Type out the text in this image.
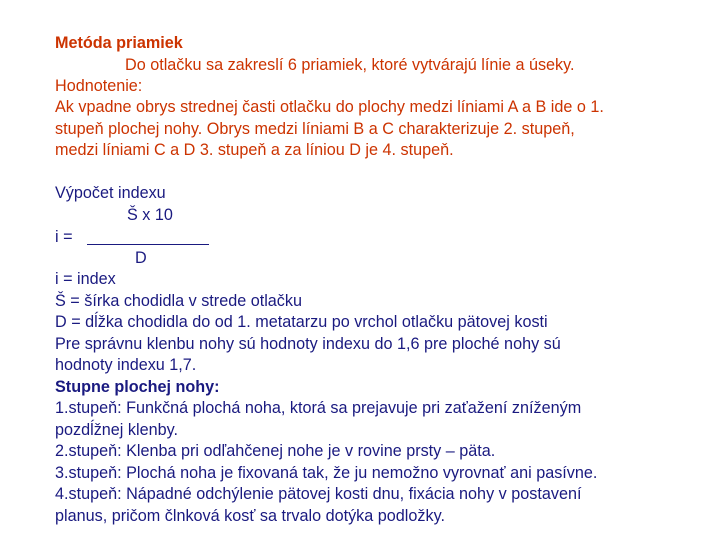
Metóda priamiek
Do otlačku sa zakreslí 6 priamiek, ktoré vytvárajú línie a úseky.
Hodnotenie:
Ak vpadne obrys strednej časti otlačku do plochy medzi líniami A a B ide o 1.
stupeň plochej nohy. Obrys medzi líniami B a C charakterizuje 2. stupeň,
medzi líniami C a D 3. stupeň a za líniou D je 4. stupeň.
Výpočet indexu
Š x 10
i =
D
i = index
Š = šírka chodidla v strede otlačku
D = dĺžka chodidla do od 1. metatarzu po vrchol otlačku pätovej kosti
Pre správnu klenbu nohy sú hodnoty indexu do 1,6 pre ploché nohy sú
hodnoty indexu 1,7.
Stupne plochej nohy:
1.stupeň: Funkčná plochá noha, ktorá sa prejavuje pri zaťažení zníženým
pozdĺžnej klenby.
2.stupeň: Klenba pri odľahčenej nohe je v rovine prsty – päta.
3.stupeň: Plochá noha je fixovaná tak, že ju nemožno vyrovnať ani pasívne.
4.stupeň: Nápadné odchýlenie pätovej kosti dnu, fixácia nohy v postavení
planus, pričom člnková kosť sa trvalo dotýka podložky.
